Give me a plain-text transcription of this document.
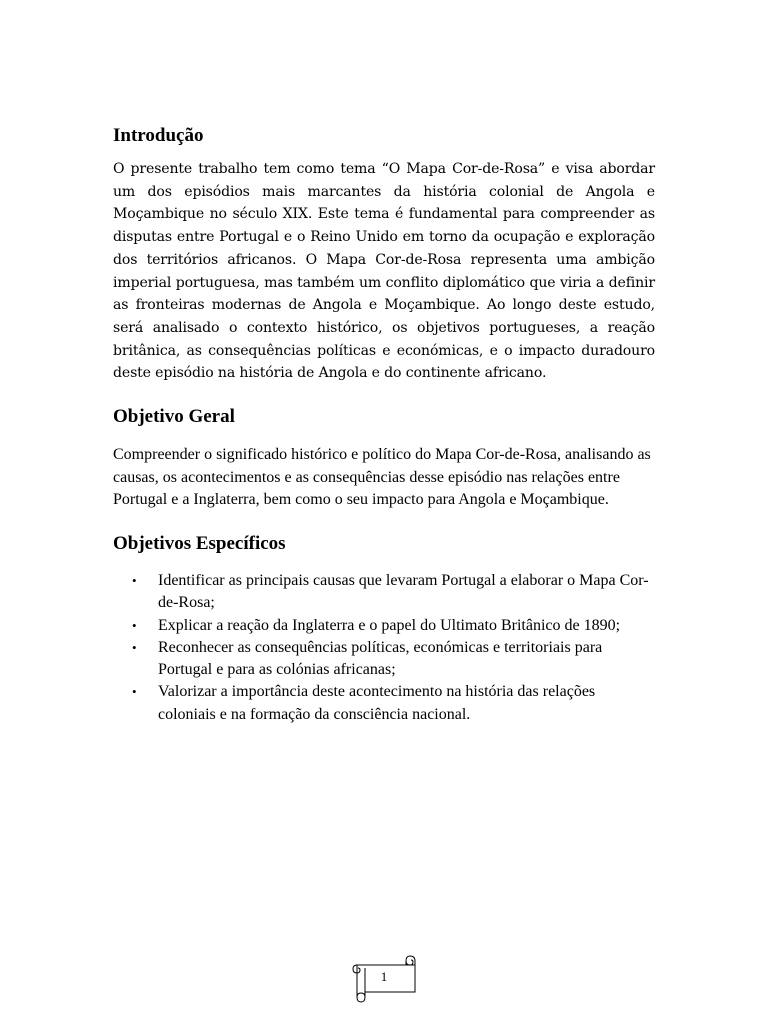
Introdução

O presente trabalho tem como tema “O Mapa Cor-de-Rosa” e visa abordar um dos episódios mais marcantes da história colonial de Angola e Moçambique no século XIX. Este tema é fundamental para compreender as disputas entre Portugal e o Reino Unido em torno da ocupação e exploração dos territórios africanos. O Mapa Cor-de-Rosa representa uma ambição imperial portuguesa, mas também um conflito diplomático que viria a definir as fronteiras modernas de Angola e Moçambique. Ao longo deste estudo, será analisado o contexto histórico, os objetivos portugueses, a reação britânica, as consequências políticas e económicas, e o impacto duradouro deste episódio na história de Angola e do continente africano.

Objetivo Geral

Compreender o significado histórico e político do Mapa Cor-de-Rosa, analisando as causas, os acontecimentos e as consequências desse episódio nas relações entre Portugal e a Inglaterra, bem como o seu impacto para Angola e Moçambique.

Objetivos Específicos
• Identificar as principais causas que levaram Portugal a elaborar o Mapa Cor-de-Rosa;
• Explicar a reação da Inglaterra e o papel do Ultimato Britânico de 1890;
• Reconhecer as consequências políticas, económicas e territoriais para Portugal e para as colónias africanas;
• Valorizar a importância deste acontecimento na história das relações coloniais e na formação da consciência nacional.
1
